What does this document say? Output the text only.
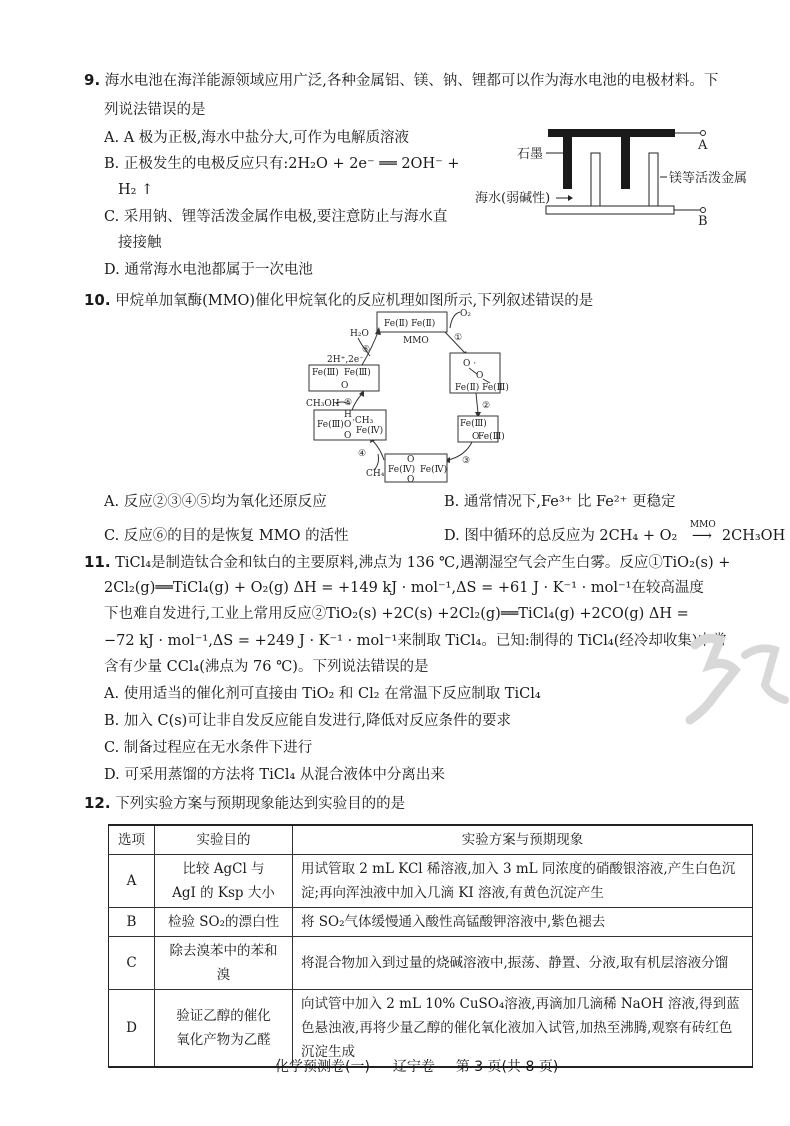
9. 海水电池在海洋能源领域应用广泛,各种金属铝、镁、钠、锂都可以作为海水电池的电极材料。下
列说法错误的是
A. A 极为正极,海水中盐分大,可作为电解质溶液
B. 正极发生的电极反应只有:2H₂O + 2e⁻ ══ 2OH⁻ +
H₂ ↑
C. 采用钠、锂等活泼金属作电极,要注意防止与海水直
接接触
D. 通常海水电池都属于一次电池
A
B
石墨
镁等活泼金属
海水(弱碱性)
10. 甲烷单加氧酶(MMO)催化甲烷氧化的反应机理如图所示,下列叙述错误的是
Fe(Ⅱ) Fe(Ⅱ)
MMO
O₂
①
O ·
O
Fe(Ⅱ) Fe(Ⅲ)
②
Fe(Ⅲ)
O
Fe(Ⅲ)
③
O
Fe(Ⅳ) Fe(Ⅳ)
O
④
CH₄
H
Fe(Ⅲ) O ·CH₃
Fe(Ⅳ)
O
⑤
CH₃OH
Fe(Ⅲ) Fe(Ⅲ)
O
⑥
2H⁺,2e⁻
H₂O
A. 反应②③④⑤均为氧化还原反应	B. 通常情况下,Fe³⁺ 比 Fe²⁺ 更稳定
C. 反应⑥的目的是恢复 MMO 的活性	D. 图中循环的总反应为 2CH₄ + O₂
MMO
⟶ 2CH₃OH
11. TiCl₄是制造钛合金和钛白的主要原料,沸点为 136 ℃,遇潮湿空气会产生白雾。反应①TiO₂(s) +
2Cl₂(g)══TiCl₄(g) + O₂(g) ΔH = +149 kJ · mol⁻¹,ΔS = +61 J · K⁻¹ · mol⁻¹在较高温度
下也难自发进行,工业上常用反应②TiO₂(s) +2C(s) +2Cl₂(g)══TiCl₄(g) +2CO(g) ΔH =
−72 kJ · mol⁻¹,ΔS = +249 J · K⁻¹ · mol⁻¹来制取 TiCl₄。已知:制得的 TiCl₄(经冷却收集)中常
含有少量 CCl₄(沸点为 76 ℃)。下列说法错误的是
A. 使用适当的催化剂可直接由 TiO₂ 和 Cl₂ 在常温下反应制取 TiCl₄
B. 加入 C(s)可让非自发反应能自发进行,降低对反应条件的要求
C. 制备过程应在无水条件下进行
D. 可采用蒸馏的方法将 TiCl₄ 从混合液体中分离出来
12. 下列实验方案与预期现象能达到实验目的的是
选项	实验目的	实验方案与预期现象
A	比较 AgCl 与
AgI 的 Ksp 大小	用试管取 2 mL KCl 稀溶液,加入 3 mL 同浓度的硝酸银溶液,产生白色沉淀;再向浑浊液中加入几滴 KI 溶液,有黄色沉淀产生
B	检验 SO₂的漂白性	将 SO₂气体缓慢通入酸性高锰酸钾溶液中,紫色褪去
C	除去溴苯中的苯和溴	将混合物加入到过量的烧碱溶液中,振荡、静置、分液,取有机层溶液分馏
D	验证乙醇的催化
氧化产物为乙醛	向试管中加入 2 mL 10% CuSO₄溶液,再滴加几滴稀 NaOH 溶液,得到蓝色悬浊液,再将少量乙醇的催化氧化液加入试管,加热至沸腾,观察有砖红色沉淀生成
化学预测卷(一) 辽宁卷 第 3 页(共 8 页)
